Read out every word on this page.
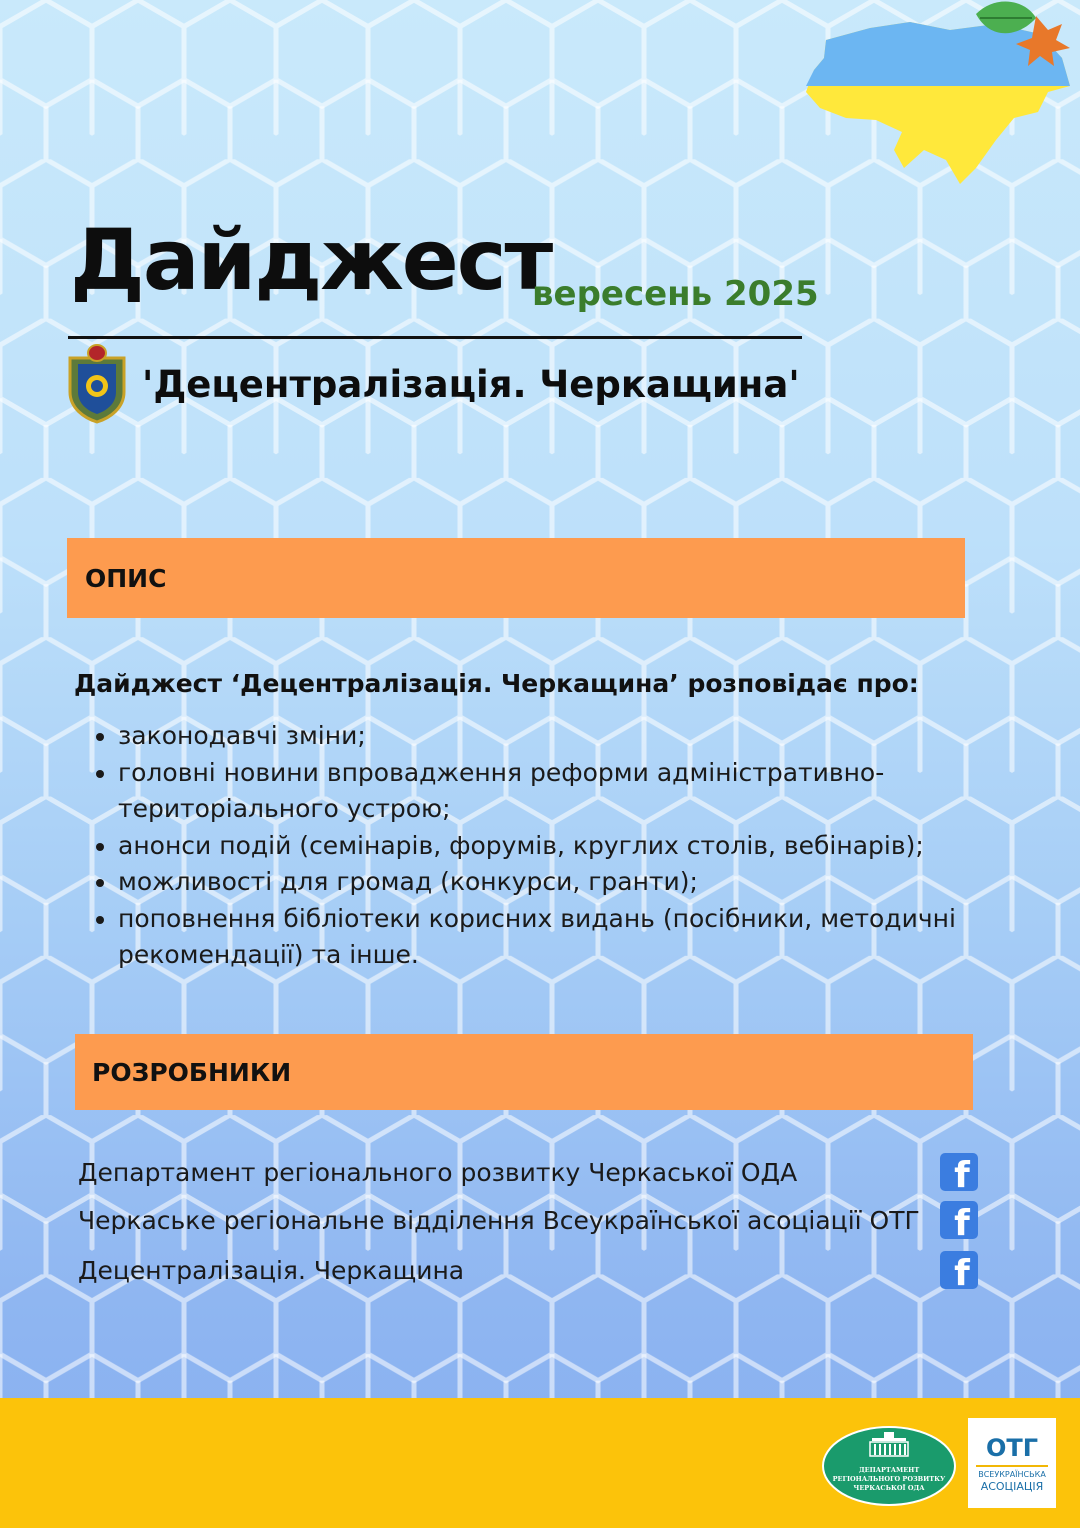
Дайджест
вересень 2025
'Децентралізація. Черкащина'
ОПИС
Дайджест ‘Децентралізація. Черкащина’ розповідає про:
• законодавчі зміни;
• головні новини впровадження реформи адміністративно-територіального устрою;
• анонси подій (семінарів, форумів, круглих столів, вебінарів);
• можливості для громад (конкурси, гранти);
• поповнення бібліотеки корисних видань (посібники, методичні рекомендації) та інше.
РОЗРОБНИКИ
Департамент регіонального розвитку Черкаської ОДА	f
Черкаське регіональне відділення Всеукраїнської асоціації ОТГ f
Децентралізація. Черкащина	f
ДЕПАРТАМЕНТ
РЕГІОНАЛЬНОГО РОЗВИТКУ
ЧЕРКАСЬКОЇ ОДА
ОТГ
ВСЕУКРАЇНСЬКА
АСОЦІАЦІЯ
